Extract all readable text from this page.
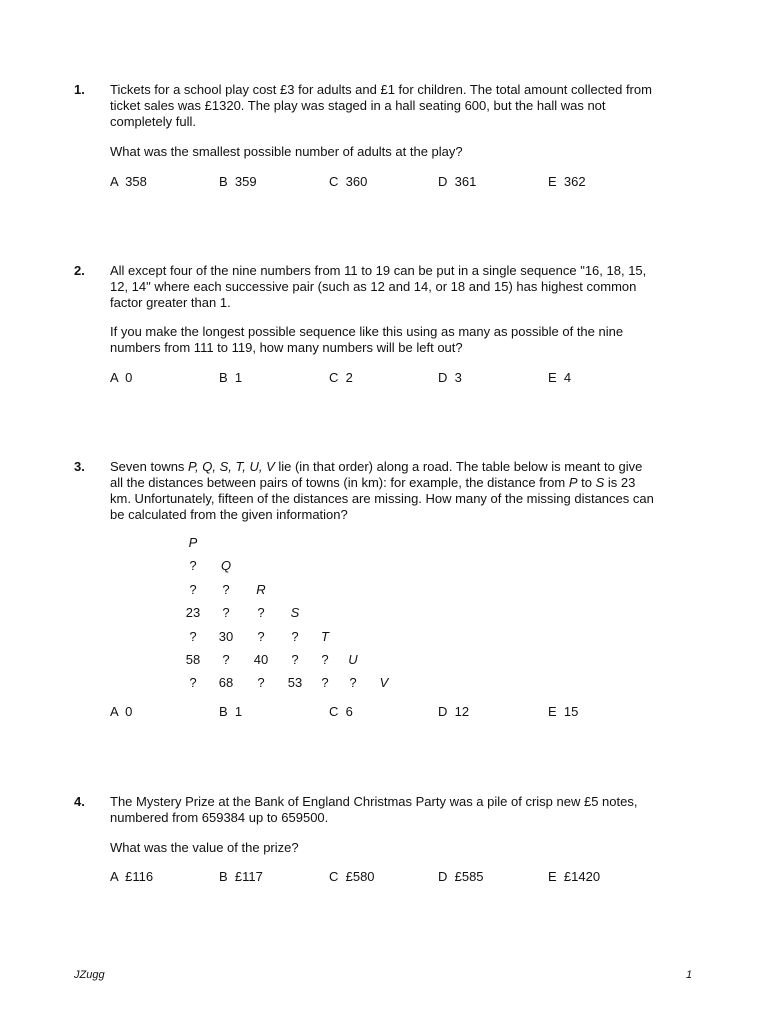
1. Tickets for a school play cost £3 for adults and £1 for children. The total amount collected from ticket sales was £1320. The play was staged in a hall seating 600, but the hall was not completely full.

What was the smallest possible number of adults at the play?

A  358	B  359	C  360	D  361	E  362
2. All except four of the nine numbers from 11 to 19 can be put in a single sequence "16, 18, 15, 12, 14" where each successive pair (such as 12 and 14, or 18 and 15) has highest common factor greater than 1.

If you make the longest possible sequence like this using as many as possible of the nine numbers from 111 to 119, how many numbers will be left out?

A  0	B  1	C  2	D  3	E  4
3. Seven towns P, Q, S, T, U, V lie (in that order) along a road. The table below is meant to give all the distances between pairs of towns (in km): for example, the distance from P to S is 23 km. Unfortunately, fifteen of the distances are missing. How many of the missing distances can be calculated from the given information?

P
?	Q
?	?	R
23	?	?	S
?	30	?	?	T
58	?	40	?	?	U
?	68	?	53	?	?	V
A  0	B  1	C  6	D  12	E  15
4. The Mystery Prize at the Bank of England Christmas Party was a pile of crisp new £5 notes, numbered from 659384 up to 659500.

What was the value of the prize?

A  £116	B  £117	C  £580	D  £585	E  £1420
JZugg	1
